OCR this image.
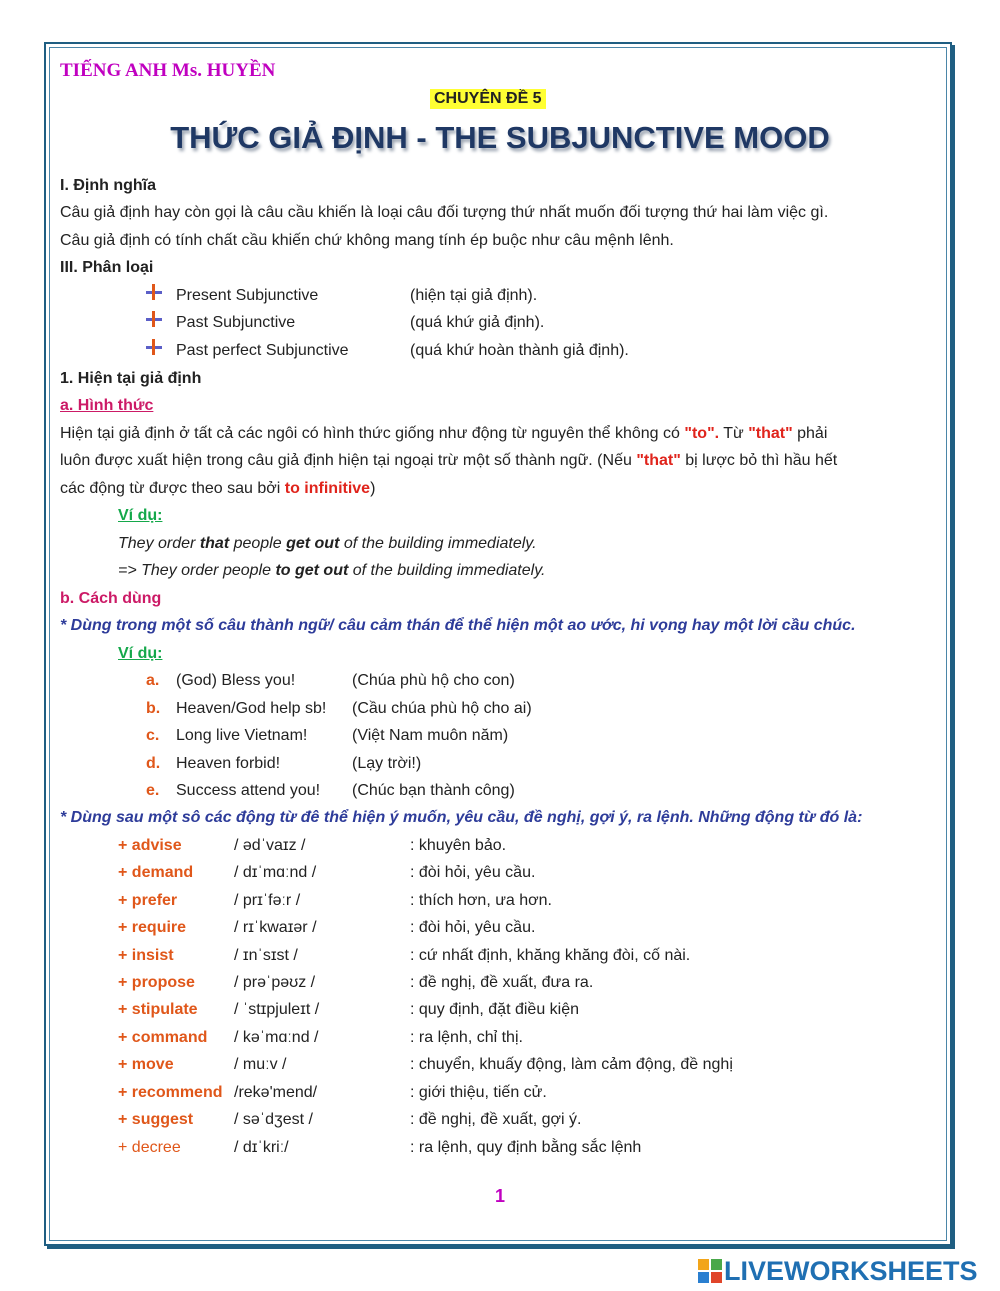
TIẾNG ANH Ms. HUYỀN
CHUYÊN ĐỀ 5
THỨC GIẢ ĐỊNH - THE SUBJUNCTIVE MOOD
I. Định nghĩa
Câu giả định hay còn gọi là câu cầu khiến là loại câu đối tượng thứ nhất muốn đối tượng thứ hai làm việc gì.
Câu giả định có tính chất cầu khiến chứ không mang tính ép buộc như câu mệnh lênh.
III. Phân loại
Present Subjunctive	(hiện tại giả định).
Past Subjunctive	(quá khứ giả định).
Past perfect Subjunctive	(quá khứ hoàn thành giả định).
1. Hiện tại giả định
a. Hình thức
Hiện tại giả định ở tất cả các ngôi có hình thức giống như động từ nguyên thể không có "to". Từ "that" phải
luôn được xuất hiện trong câu giả định hiện tại ngoại trừ một số thành ngữ. (Nếu "that" bị lược bỏ thì hầu hết
các động từ được theo sau bởi to infinitive)
Ví dụ:
They order that people get out of the building immediately.
=> They order people to get out of the building immediately.
b. Cách dùng
* Dùng trong một số câu thành ngữ/ câu cảm thán để thể hiện một ao ước, hi vọng hay một lời cầu chúc.
Ví dụ:
a. (God) Bless you!	(Chúa phù hộ cho con)
b. Heaven/God help sb! (Cầu chúa phù hộ cho ai)
c. Long live Vietnam!	(Việt Nam muôn năm)
d. Heaven forbid!	(Lạy trời!)
e. Success attend you! (Chúc bạn thành công)
* Dùng sau một sô các động từ đê thể hiện ý muốn, yêu cầu, đề nghị, gợi ý, ra lệnh. Những động từ đó là:
+ advise	/ ədˈvaɪz /	: khuyên bảo.
+ demand	/ dɪˈmɑːnd /	: đòi hỏi, yêu cầu.
+ prefer	/ prɪˈfəːr /	: thích hơn, ưa hơn.
+ require	/ rɪˈkwaɪər /	: đòi hỏi, yêu cầu.
+ insist	/ ɪnˈsɪst /	: cứ nhất định, khăng khăng đòi, cố nài.
+ propose / prəˈpəʊz /	: đề nghị, đề xuất, đưa ra.
+ stipulate / ˈstɪpjuleɪt /	: quy định, đặt điều kiện
+ command / kəˈmɑːnd /	: ra lệnh, chỉ thị.
+ move	/ muːv /	: chuyển, khuấy động, làm cảm động, đề nghị
+ recommend /rekə'mend/	: giới thiệu, tiến cử.
+ suggest	/ səˈdʒest /	: đề nghị, đề xuất, gợi ý.
+ decree	/ dɪˈkriː/	: ra lệnh, quy định bằng sắc lệnh
1
LIVEWORKSHEETS
